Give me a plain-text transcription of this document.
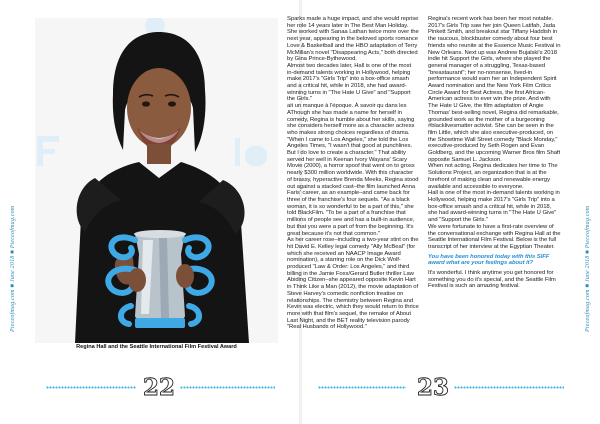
Pieceofmag.com ■ June 2018 ■ Pieceofmag.com	Pieceofmag.com ■ June 2018 ■ Pieceofmag.com
Regina Hall and the Seattle International Film Festival Award
22

Sparks made a huge impact, and she would reprise her role 14 years later in The Best Man Holiday. She worked with Sanaa Lathan twice more over the next year, appearing in the beloved sports romance Love & Basketball and the HBO adaptation of Terry McMillan's novel "Disappearing Acts," both directed by Gina Prince-Bythewood.

Almost two decades later, Hall is one of the most in-demand talents working in Hollywood, helping make 2017's "Girls Trip" into a box-office smash and a critical hit, while in 2018, she had award-winning turns in "The Hate U Give" and "Support the Girls."

ait un manque à l'époque. À savoir qu dans les AThough she has made a name for herself in comedy, Regina is humble about her skills, saying she considers herself more as a character actress who makes strong choices regardless of drama. "When I came to Los Angeles," she told the Los Angeles Times, "I wasn't that good at punchlines. But I do love to create a character." That ability served her well in Keenan Ivory Wayans' Scary Movie (2000), a horror spoof that went on to gross nearly $300 million worldwide. With this character of brassy, hyperactive Brenda Meeks, Regina stood out against a stacked cast–the film launched Anna Faris' career, as an example–and came back for three of the franchise's four sequels. "As a black woman, it is so wonderful to be a part of this," she told BlackFilm. "To be a part of a franchise that millions of people see and has a built-in audience, but that you were a part of from the beginning. It's great because it's not that common."

As her career rose–including a two-year stint on the hit David E. Kelley legal comedy "Ally McBeal" (for which she received an NAACP Image Award nomination), a starring role on the Dick Wolf-produced "Law & Order: Los Angeles," and third billing in the Jamie Foxx/Gerard Butler thriller Law Abiding Citizen–she appeared opposite Kevin Hart in Think Like a Man (2012), the movie adaptation of Steve Harvey's comedic nonfiction treatise on relationships. The chemistry between Regina and Kevin was electric, which they would return to thrice more with that film's sequel, the remake of About Last Night, and the BET reality television parody "Real Husbands of Hollywood."

Regina's recent work has been her most notable. 2017's Girls Trip saw her join Queen Latifah, Jada Pinkett Smith, and breakout star Tiffany Haddish in the raucous, blockbuster comedy about four best friends who reunite at the Essence Music Festival in New Orleans. Next up was Andrew Bujalski's 2018 indie hit Support the Girls, where she played the general manager of a struggling, Texas-based "breastaurant"; her no-nonsense, lived-in performance would earn her an Independent Spirit Award nomination and the New York Film Critics Circle Award for Best Actress, the first African-American actress to ever win the prize. And with The Hate U Give, the film adaptation of Angie Thomas' best-selling novel, Regina did remarkable, grounded work as the mother of a burgeoning #blacklivesmatter activist. She can be seen in the film Little, which she also executive-produced, on the Showtime Wall Street comedy "Black Monday," executive-produced by Seth Rogen and Evan Goldberg, and the upcoming Warner Bros film Shaft opposite Samuel L. Jackson.

When not acting, Regina dedicates her time to The Solutions Project, an organization that is at the forefront of making clean and renewable energy available and accessible to everyone.

Hall is one of the most in-demand talents working in Hollywood, helping make 2017's "Girls Trip" into a box-office smash and a critical hit, while in 2018, she had award-winning turns in "The Hate U Give" and "Support the Girls."

We were fortunate to have a first-rate overview of the conversational exchange with Regina Hall at the Seattle International Film Festival. Below is the full transcript of her interview at the Egyptian Theater.

You have been honored today with this SIFF award what are your feelings about it?

It's wonderful. I think anytime you get honored for something you do it's special, and the Seattle Film Festival is such an amazing festival.

23
